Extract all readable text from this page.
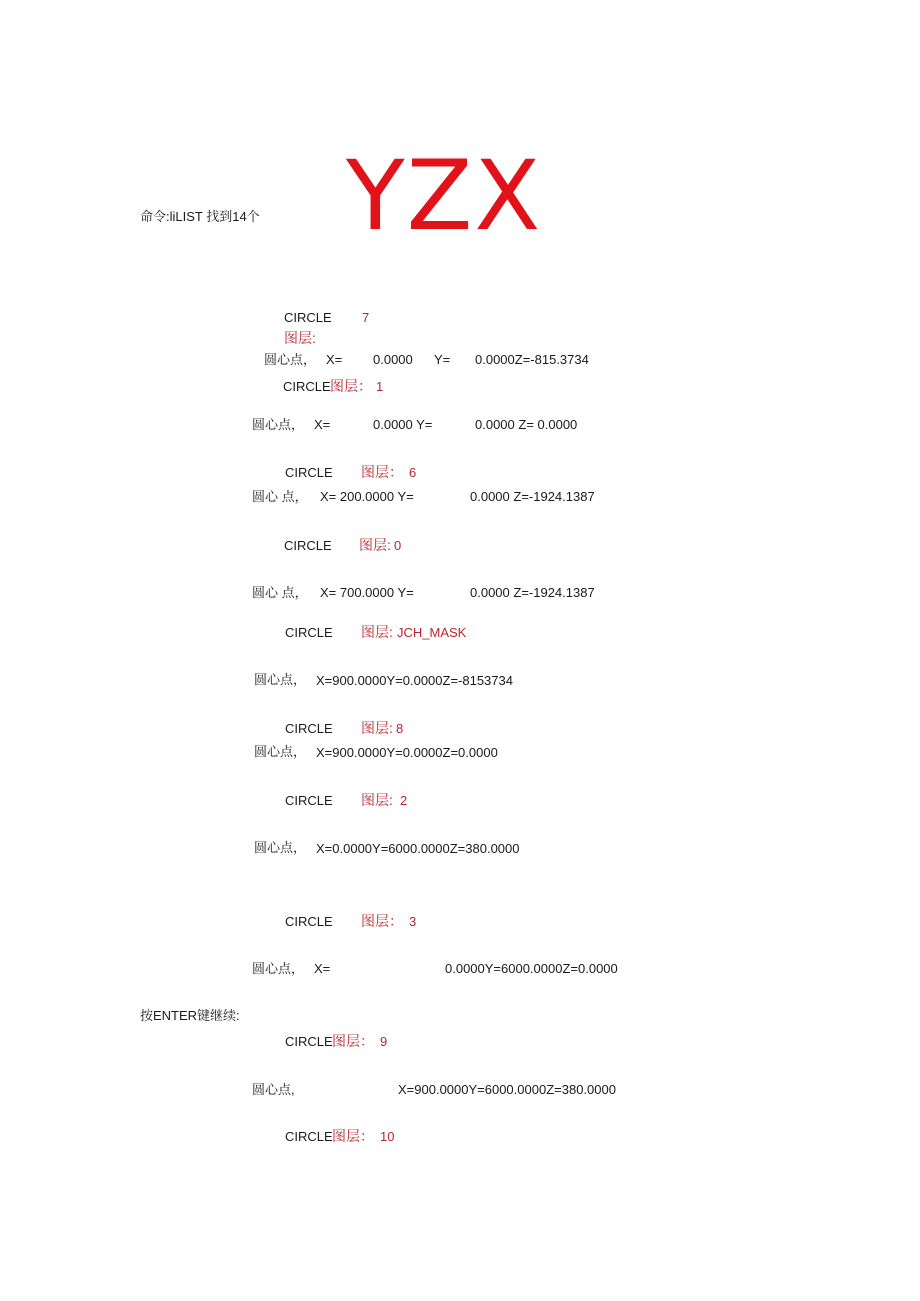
YZX
命令:liLIST 找到14个
CIRCLE 7
图层:
圆心点， X= 0.0000 Y= 0.0000Z=-815.3734
CIRCLE 图层： 1
圆心点， X=	0.0000 Y=	0.0000 Z= 0.0000
CIRCLE 图层： 6
圆心 点， X= 200.0000 Y=	0.0000 Z=-1924.1387
CIRCLE 图层: 0
圆心 点， X= 700.0000 Y=	0.0000 Z=-1924.1387
CIRCLE 图层: JCH_MASK
圆心点， X=900.0000Y=0.0000Z=-8153734
CIRCLE 图层: 8
圆心点， X=900.0000Y=0.0000Z=0.0000
CIRCLE 图层: 2
圆心点， X=0.0000Y=6000.0000Z=380.0000
CIRCLE 图层： 3
圆心点， X=	0.0000Y=6000.0000Z=0.0000
按ENTER键继续:
CIRCLE 图层： 9
圆心点,	X=900.0000Y=6000.0000Z=380.0000
CIRCLE 图层： 10
